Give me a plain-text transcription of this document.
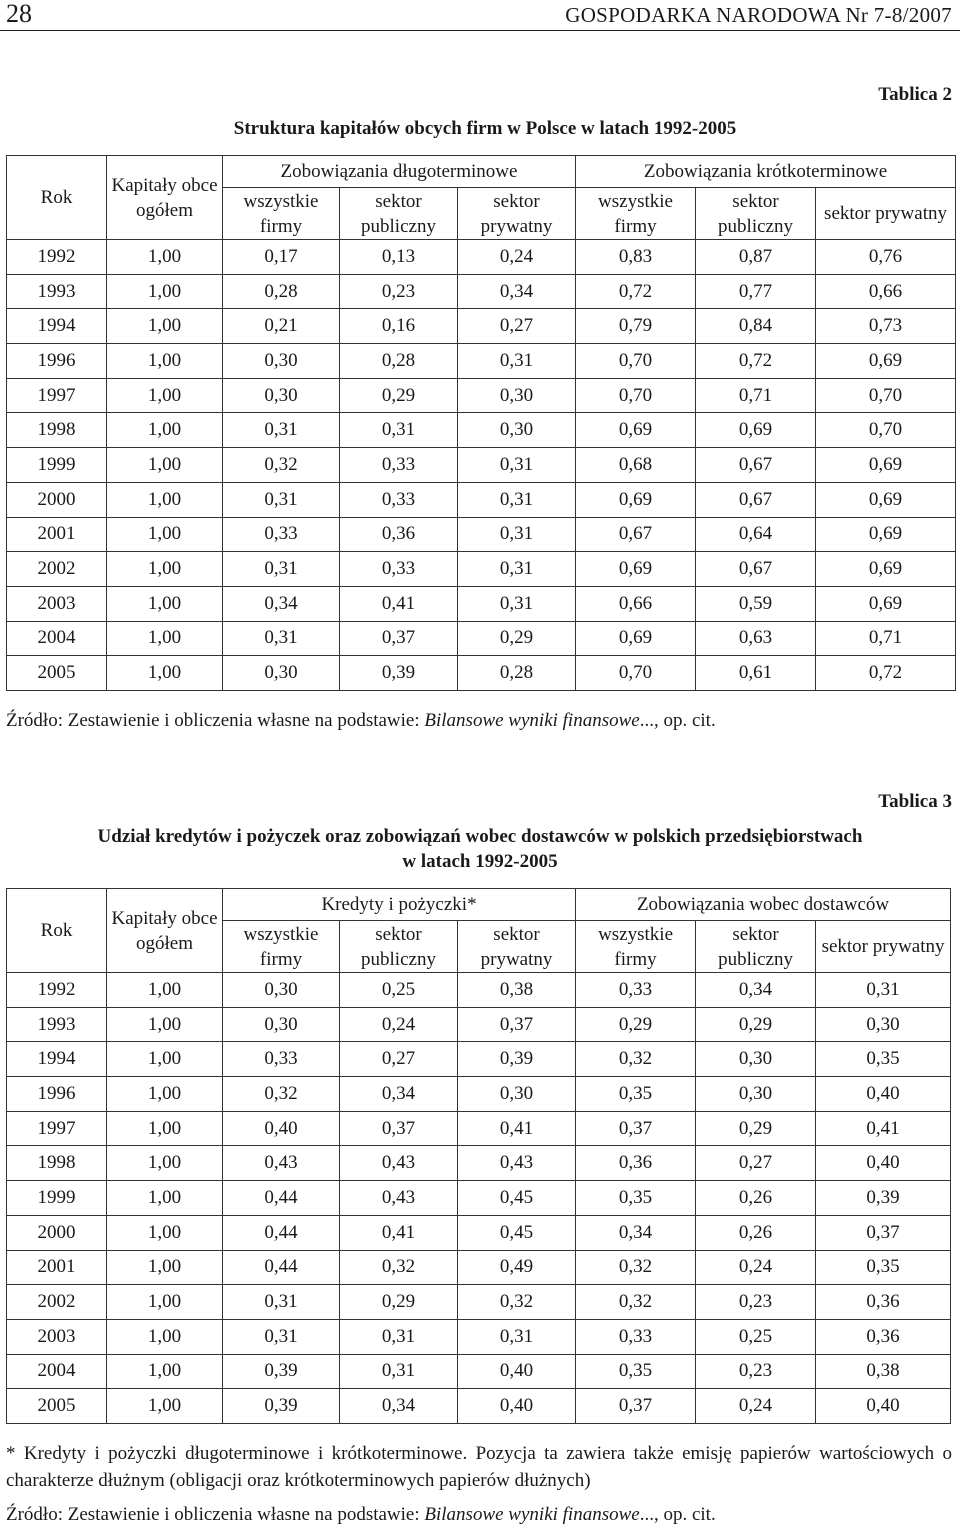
28	GOSPODARKA NARODOWA Nr 7-8/2007
Tablica 2
Struktura kapitałów obcych firm w Polsce w latach 1992-2005
Rok	Kapitały obce ogółem	Zobowiązania długoterminowe			Zobowiązania krótkoterminowe		
		wszystkie firmy	sektor publiczny	sektor prywatny	wszystkie firmy	sektor publiczny	sektor prywatny
1992	1,00	0,17	0,13	0,24	0,83	0,87	0,76
1993	1,00	0,28	0,23	0,34	0,72	0,77	0,66
1994	1,00	0,21	0,16	0,27	0,79	0,84	0,73
1996	1,00	0,30	0,28	0,31	0,70	0,72	0,69
1997	1,00	0,30	0,29	0,30	0,70	0,71	0,70
1998	1,00	0,31	0,31	0,30	0,69	0,69	0,70
1999	1,00	0,32	0,33	0,31	0,68	0,67	0,69
2000	1,00	0,31	0,33	0,31	0,69	0,67	0,69
2001	1,00	0,33	0,36	0,31	0,67	0,64	0,69
2002	1,00	0,31	0,33	0,31	0,69	0,67	0,69
2003	1,00	0,34	0,41	0,31	0,66	0,59	0,69
2004	1,00	0,31	0,37	0,29	0,69	0,63	0,71
2005	1,00	0,30	0,39	0,28	0,70	0,61	0,72
Źródło: Zestawienie i obliczenia własne na podstawie: Bilansowe wyniki finansowe..., op. cit.
Tablica 3
Udział kredytów i pożyczek oraz zobowiązań wobec dostawców w polskich przedsiębiorstwach
w latach 1992-2005
Rok	Kapitały obce ogółem	Kredyty i pożyczki*			Zobowiązania wobec dostawców		
		wszystkie firmy	sektor publiczny	sektor prywatny	wszystkie firmy	sektor publiczny	sektor prywatny
1992	1,00	0,30	0,25	0,38	0,33	0,34	0,31
1993	1,00	0,30	0,24	0,37	0,29	0,29	0,30
1994	1,00	0,33	0,27	0,39	0,32	0,30	0,35
1996	1,00	0,32	0,34	0,30	0,35	0,30	0,40
1997	1,00	0,40	0,37	0,41	0,37	0,29	0,41
1998	1,00	0,43	0,43	0,43	0,36	0,27	0,40
1999	1,00	0,44	0,43	0,45	0,35	0,26	0,39
2000	1,00	0,44	0,41	0,45	0,34	0,26	0,37
2001	1,00	0,44	0,32	0,49	0,32	0,24	0,35
2002	1,00	0,31	0,29	0,32	0,32	0,23	0,36
2003	1,00	0,31	0,31	0,31	0,33	0,25	0,36
2004	1,00	0,39	0,31	0,40	0,35	0,23	0,38
2005	1,00	0,39	0,34	0,40	0,37	0,24	0,40
* Kredyty i pożyczki długoterminowe i krótkoterminowe. Pozycja ta zawiera także emisję papierów wartościowych o charakterze dłużnym (obligacji oraz krótkoterminowych papierów dłużnych)
Źródło: Zestawienie i obliczenia własne na podstawie: Bilansowe wyniki finansowe..., op. cit.
